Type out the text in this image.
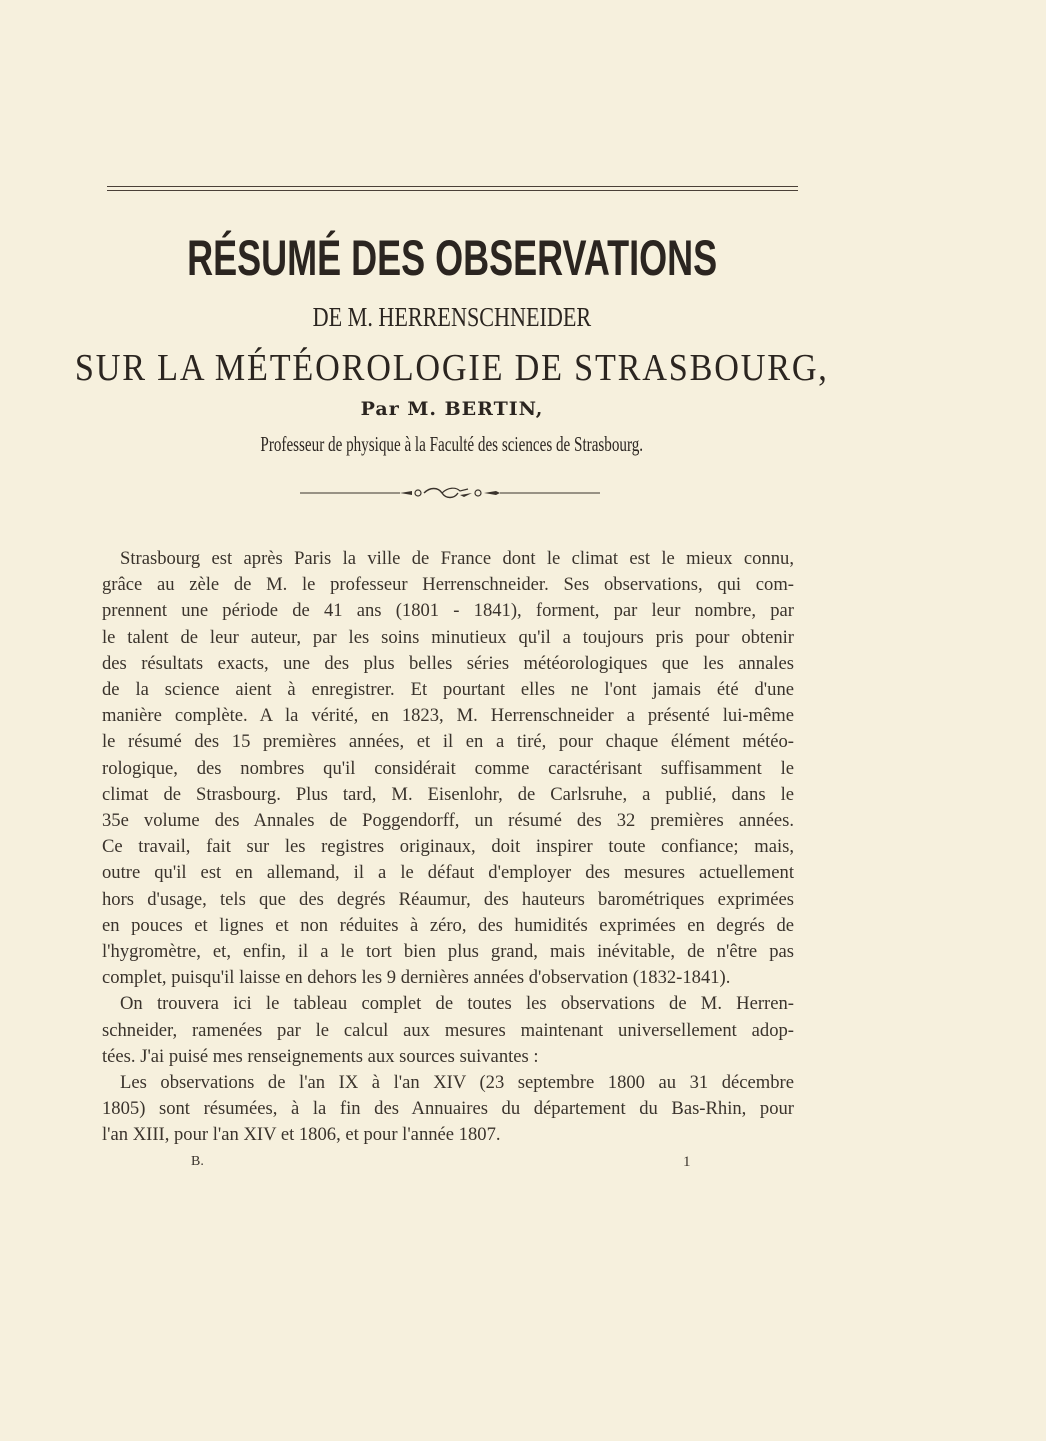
RÉSUMÉ DES OBSERVATIONS
DE M. HERRENSCHNEIDER
SUR LA MÉTÉOROLOGIE DE STRASBOURG,
Par M. BERTIN,
Professeur de physique à la Faculté des sciences de Strasbourg.

Strasbourg est après Paris la ville de France dont le climat est le mieux connu,

grâce au zèle de M. le professeur Herrenschneider. Ses observations, qui com-

prennent une période de 41 ans (1801 - 1841), forment, par leur nombre, par

le talent de leur auteur, par les soins minutieux qu'il a toujours pris pour obtenir

des résultats exacts, une des plus belles séries météorologiques que les annales

de la science aient à enregistrer. Et pourtant elles ne l'ont jamais été d'une

manière complète. A la vérité, en 1823, M. Herrenschneider a présenté lui-même

le résumé des 15 premières années, et il en a tiré, pour chaque élément météo-

rologique, des nombres qu'il considérait comme caractérisant suffisamment le

climat de Strasbourg. Plus tard, M. Eisenlohr, de Carlsruhe, a publié, dans le

35e volume des Annales de Poggendorff, un résumé des 32 premières années.

Ce travail, fait sur les registres originaux, doit inspirer toute confiance; mais,

outre qu'il est en allemand, il a le défaut d'employer des mesures actuellement

hors d'usage, tels que des degrés Réaumur, des hauteurs barométriques exprimées

en pouces et lignes et non réduites à zéro, des humidités exprimées en degrés de

l'hygromètre, et, enfin, il a le tort bien plus grand, mais inévitable, de n'être pas

complet, puisqu'il laisse en dehors les 9 dernières années d'observation (1832-1841).

On trouvera ici le tableau complet de toutes les observations de M. Herren-

schneider, ramenées par le calcul aux mesures maintenant universellement adop-

tées. J'ai puisé mes renseignements aux sources suivantes :

Les observations de l'an IX à l'an XIV (23 septembre 1800 au 31 décembre

1805) sont résumées, à la fin des Annuaires du département du Bas-Rhin, pour

l'an XIII, pour l'an XIV et 1806, et pour l'année 1807.

B.	1
